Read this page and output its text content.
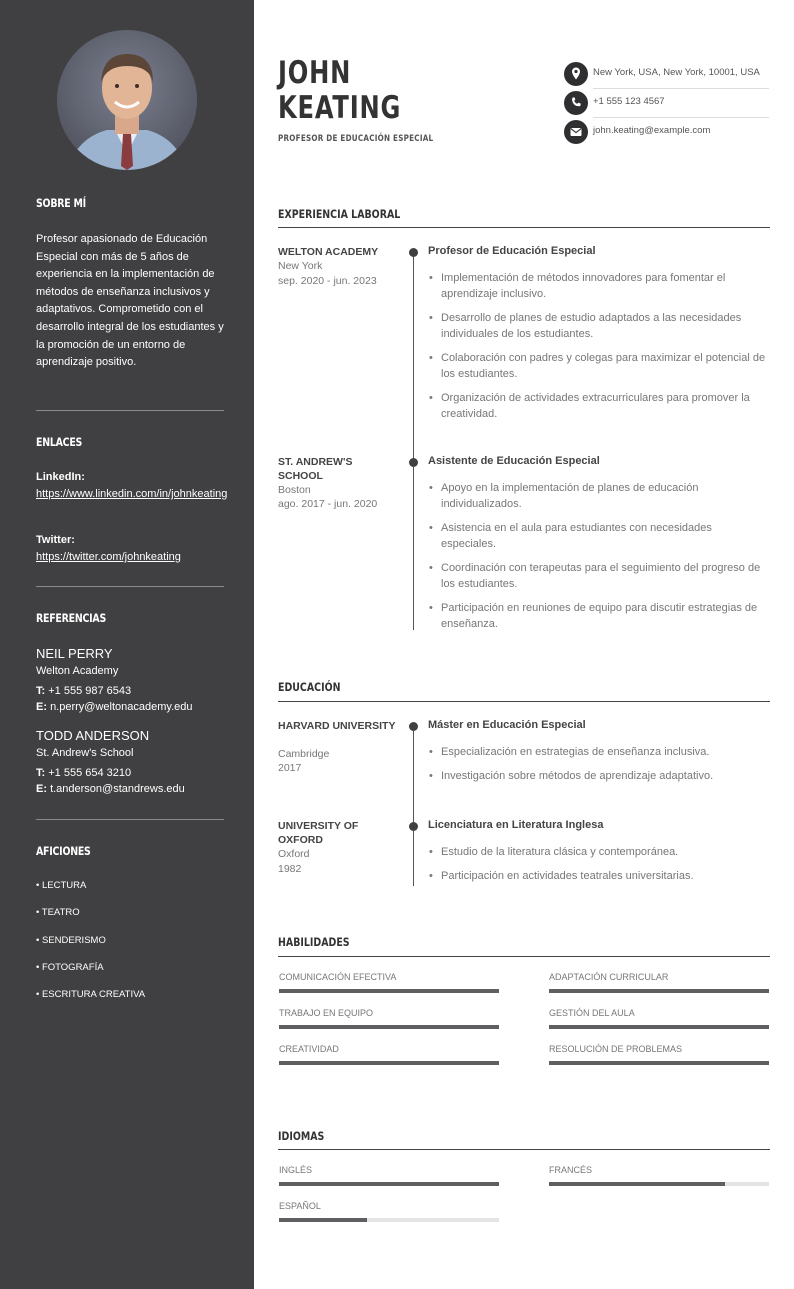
SOBRE MÍ
Profesor apasionado de Educación Especial con más de 5 años de experiencia en la implementación de métodos de enseñanza inclusivos y adaptativos. Comprometido con el desarrollo integral de los estudiantes y la promoción de un entorno de aprendizaje positivo.
ENLACES
LinkedIn:
https://www.linkedin.com/in/johnkeating
Twitter:
https://twitter.com/johnkeating
REFERENCIAS
NEIL PERRY
Welton Academy
T: +1 555 987 6543
E: n.perry@weltonacademy.edu
TODD ANDERSON
St. Andrew's School
T: +1 555 654 3210
E: t.anderson@standrews.edu
AFICIONES
• LECTURA
• TEATRO
• SENDERISMO
• FOTOGRAFÍA
• ESCRITURA CREATIVA
JOHN
KEATING
PROFESOR DE EDUCACIÓN ESPECIAL
New York, USA, New York, 10001, USA
+1 555 123 4567
john.keating@example.com
EXPERIENCIA LABORAL
WELTON ACADEMY
New York
sep. 2020 - jun. 2023
Profesor de Educación Especial
• Implementación de métodos innovadores para fomentar el aprendizaje inclusivo.
• Desarrollo de planes de estudio adaptados a las necesidades individuales de los estudiantes.
• Colaboración con padres y colegas para maximizar el potencial de los estudiantes.
• Organización de actividades extracurriculares para promover la creatividad.
ST. ANDREW'S SCHOOL
Boston
ago. 2017 - jun. 2020
Asistente de Educación Especial
• Apoyo en la implementación de planes de educación individualizados.
• Asistencia en el aula para estudiantes con necesidades especiales.
• Coordinación con terapeutas para el seguimiento del progreso de los estudiantes.
• Participación en reuniones de equipo para discutir estrategias de enseñanza.
EDUCACIÓN
HARVARD UNIVERSITY
Cambridge
2017
Máster en Educación Especial
• Especialización en estrategias de enseñanza inclusiva.
• Investigación sobre métodos de aprendizaje adaptativo.
UNIVERSITY OF OXFORD
Oxford
1982
Licenciatura en Literatura Inglesa
• Estudio de la literatura clásica y contemporánea.
• Participación en actividades teatrales universitarias.
HABILIDADES
COMUNICACIÓN EFECTIVA	ADAPTACIÓN CURRICULAR
TRABAJO EN EQUIPO	GESTIÓN DEL AULA
CREATIVIDAD	RESOLUCIÓN DE PROBLEMAS
IDIOMAS
INGLÉS	FRANCÉS
ESPAÑOL
